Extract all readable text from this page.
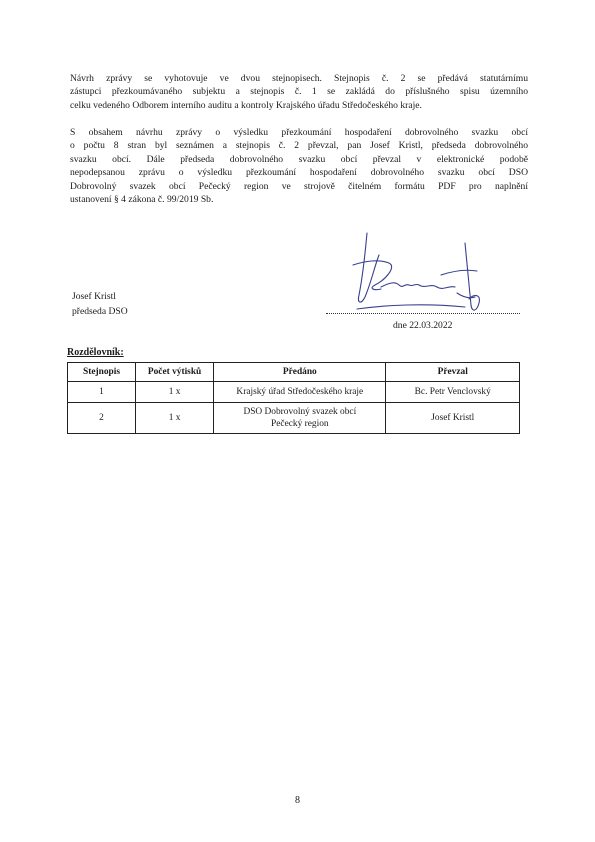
Návrh zprávy se vyhotovuje ve dvou stejnopisech. Stejnopis č. 2 se předává statutárnímu
zástupci přezkoumávaného subjektu a stejnopis č. 1 se zakládá do příslušného spisu územního
celku vedeného Odborem interního auditu a kontroly Krajského úřadu Středočeského kraje.

S obsahem návrhu zprávy o výsledku přezkoumání hospodaření dobrovolného svazku obcí
o počtu 8 stran byl seznámen a stejnopis č. 2 převzal, pan Josef Kristl, předseda dobrovolného
svazku obcí. Dále předseda dobrovolného svazku obcí převzal v elektronické podobě
nepodepsanou zprávu o výsledku přezkoumání hospodaření dobrovolného svazku obcí DSO
Dobrovolný svazek obcí Pečecký region ve strojově čitelném formátu PDF pro naplnění
ustanovení § 4 zákona č. 99/2019 Sb.

Josef Kristl
předseda DSO
dne 22.03.2022
Rozdělovník:
Stejnopis	Počet výtisků	Předáno	Převzal
1	1 x	Krajský úřad Středočeského kraje	Bc. Petr Venclovský
2	1 x	DSO Dobrovolný svazek obcí
Pečecký region	Josef Kristl
8
